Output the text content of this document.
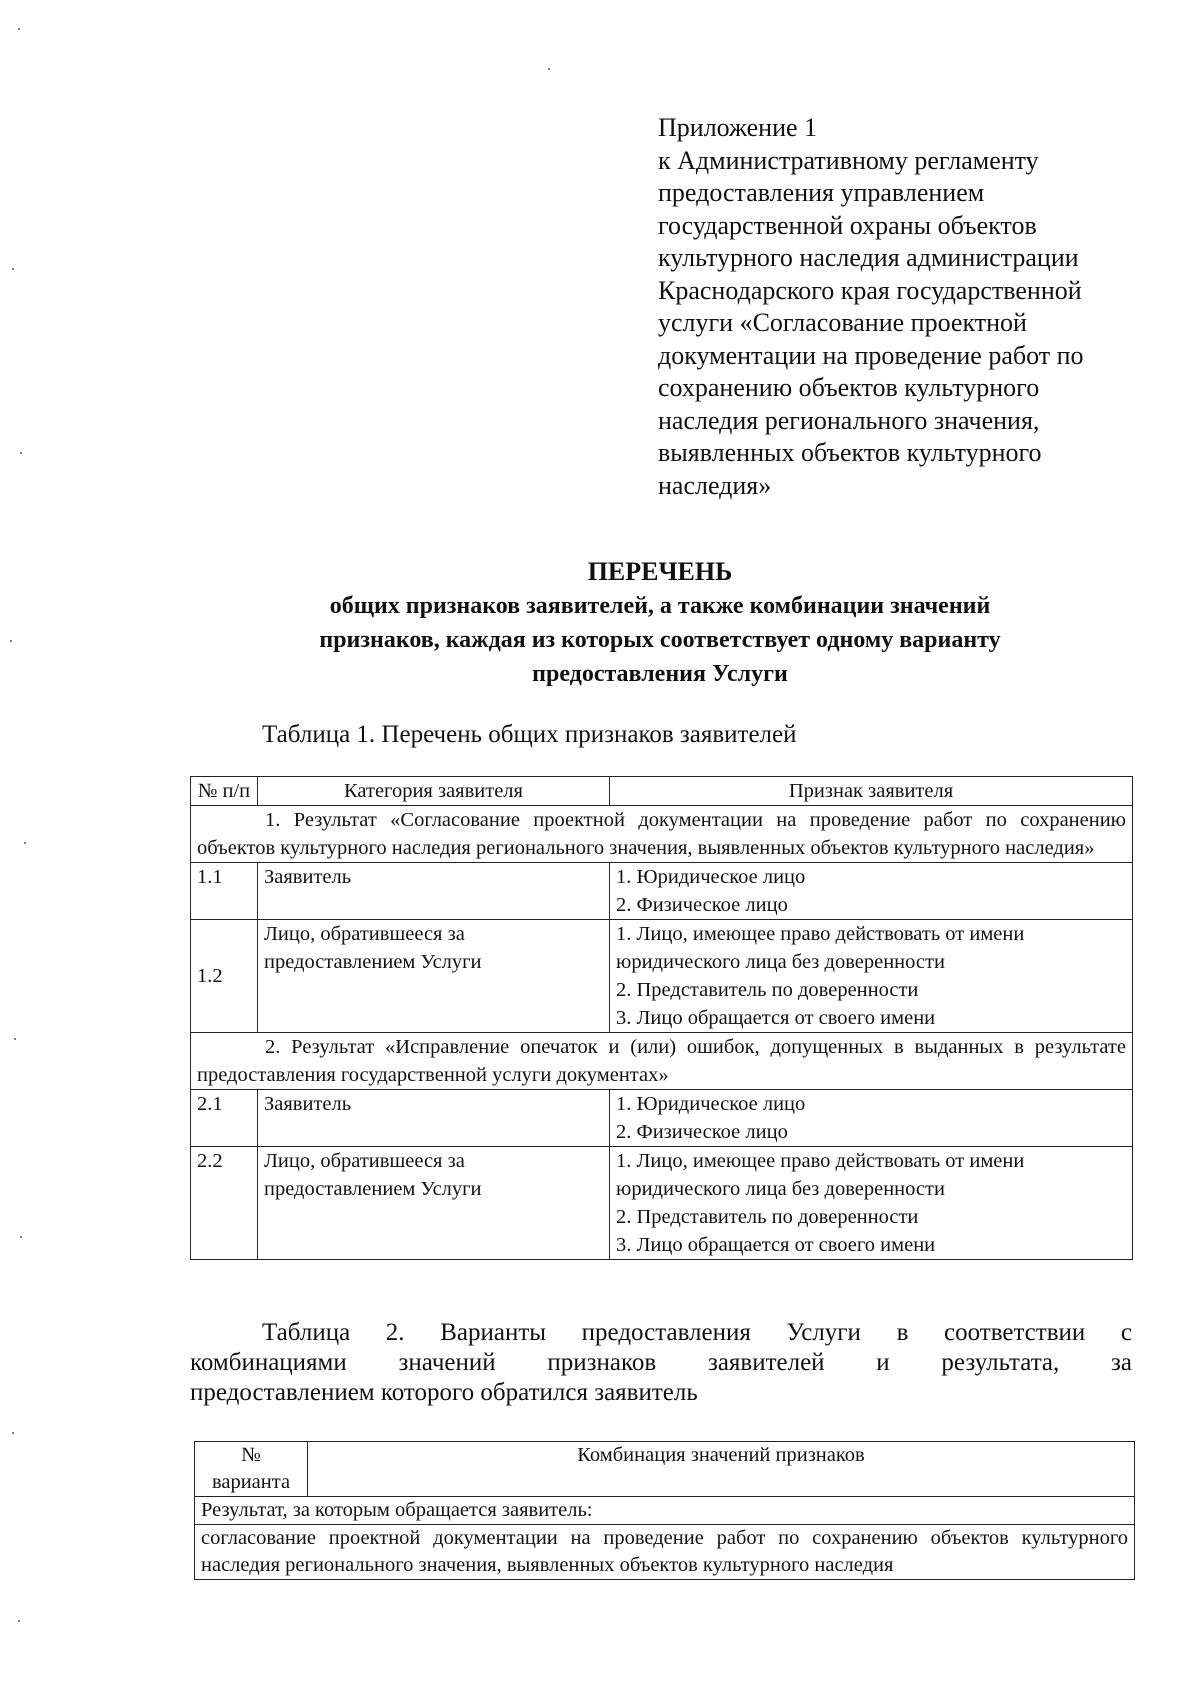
Приложение 1
к Административному регламенту
предоставления управлением
государственной охраны объектов
культурного наследия администрации
Краснодарского края государственной
услуги «Согласование проектной
документации на проведение работ по
сохранению объектов культурного
наследия регионального значения,
выявленных объектов культурного
наследия»
ПЕРЕЧЕНЬ
общих признаков заявителей, а также комбинации значений
признаков, каждая из которых соответствует одному варианту
предоставления Услуги
Таблица 1. Перечень общих признаков заявителей
№ п/п	Категория заявителя	Признак заявителя
1. Результат «Согласование проектной документации на проведение работ по сохранению объектов культурного наследия регионального значения, выявленных объектов культурного наследия»		
1.1	Заявитель	1. Юридическое лицо
2. Физическое лицо

1.2	Лицо, обратившееся за предоставлением Услуги	1. Лицо, имеющее право действовать от имени юридического лица без доверенности
2. Представитель по доверенности
3. Лицо обращается от своего имени

2. Результат «Исправление опечаток и (или) ошибок, допущенных в выданных в результате предоставления государственной услуги документах»		
2.1	Заявитель	1. Юридическое лицо
2. Физическое лицо

2.2	Лицо, обратившееся за предоставлением Услуги	1. Лицо, имеющее право действовать от имени юридического лица без доверенности
2. Представитель по доверенности
3. Лицо обращается от своего имени
Таблица 2. Варианты предоставления Услуги в соответствии с
комбинациями значений признаков заявителей и результата, за
предоставлением которого обратился заявитель
№ варианта	Комбинация значений признаков
Результат, за которым обращается заявитель:
согласование проектной документации на проведение работ по сохранению объектов культурного наследия регионального значения, выявленных объектов культурного наследия
